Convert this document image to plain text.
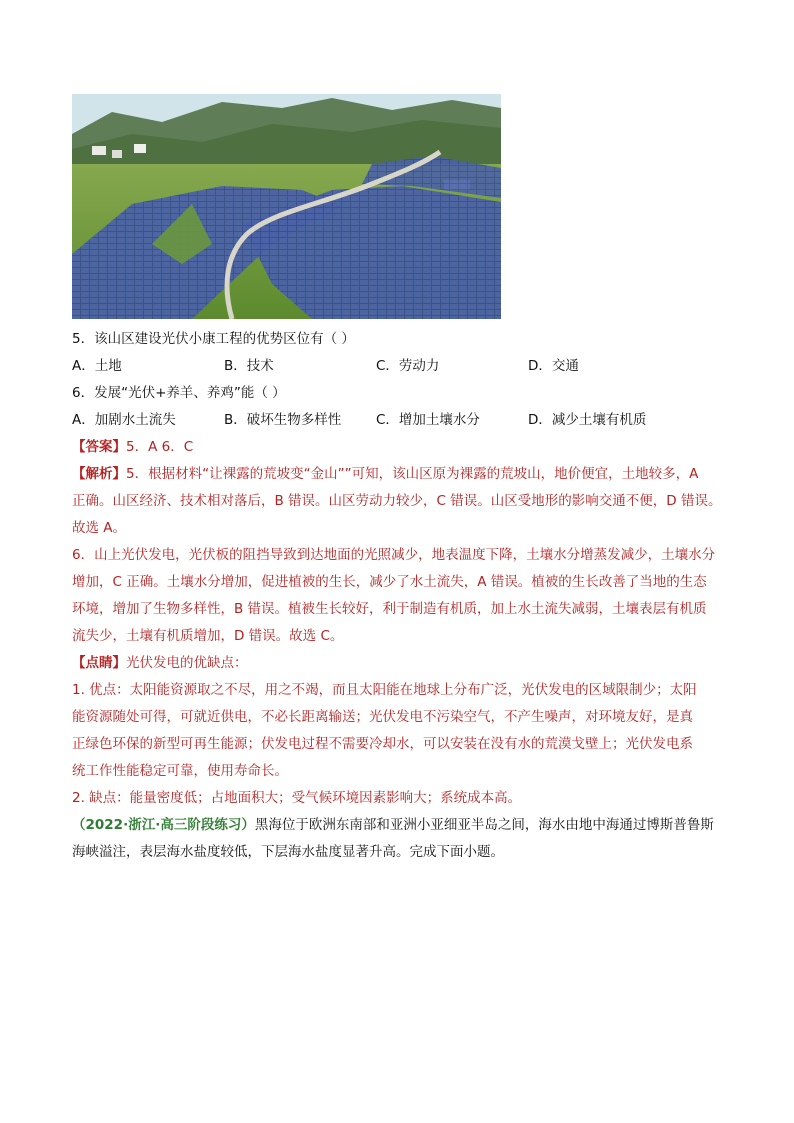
5．该山区建设光伏小康工程的优势区位有（ ）
A．土地	B．技术	C．劳动力	D．交通
6．发展“光伏+养羊、养鸡”能（ ）
A．加剧水土流失	B．破坏生物多样性	C．增加土壤水分	D．减少土壤有机质
【答案】5．A 6．C
【解析】5．根据材料“让裸露的荒坡变“金山””可知，该山区原为裸露的荒坡山，地价便宜，土地较多，A
正确。山区经济、技术相对落后，B 错误。山区劳动力较少，C 错误。山区受地形的影响交通不便，D 错误。
故选 A。
6．山上光伏发电，光伏板的阻挡导致到达地面的光照减少，地表温度下降，土壤水分增蒸发减少，土壤水分
增加，C 正确。土壤水分增加，促进植被的生长，减少了水土流失，A 错误。植被的生长改善了当地的生态
环境，增加了生物多样性，B 错误。植被生长较好，利于制造有机质，加上水土流失减弱，土壤表层有机质
流失少，土壤有机质增加，D 错误。故选 C。
【点睛】光伏发电的优缺点：
1. 优点：太阳能资源取之不尽，用之不竭，而且太阳能在地球上分布广泛，光伏发电的区域限制少；太阳
能资源随处可得，可就近供电，不必长距离输送；光伏发电不污染空气，不产生噪声，对环境友好，是真
正绿色环保的新型可再生能源；伏发电过程不需要冷却水，可以安装在没有水的荒漠戈壁上；光伏发电系
统工作性能稳定可靠，使用寿命长。
2. 缺点：能量密度低；占地面积大；受气候环境因素影响大；系统成本高。
（2022·浙江·高三阶段练习）黑海位于欧洲东南部和亚洲小亚细亚半岛之间，海水由地中海通过博斯普鲁斯
海峡溢注，表层海水盐度较低，下层海水盐度显著升高。完成下面小题。
